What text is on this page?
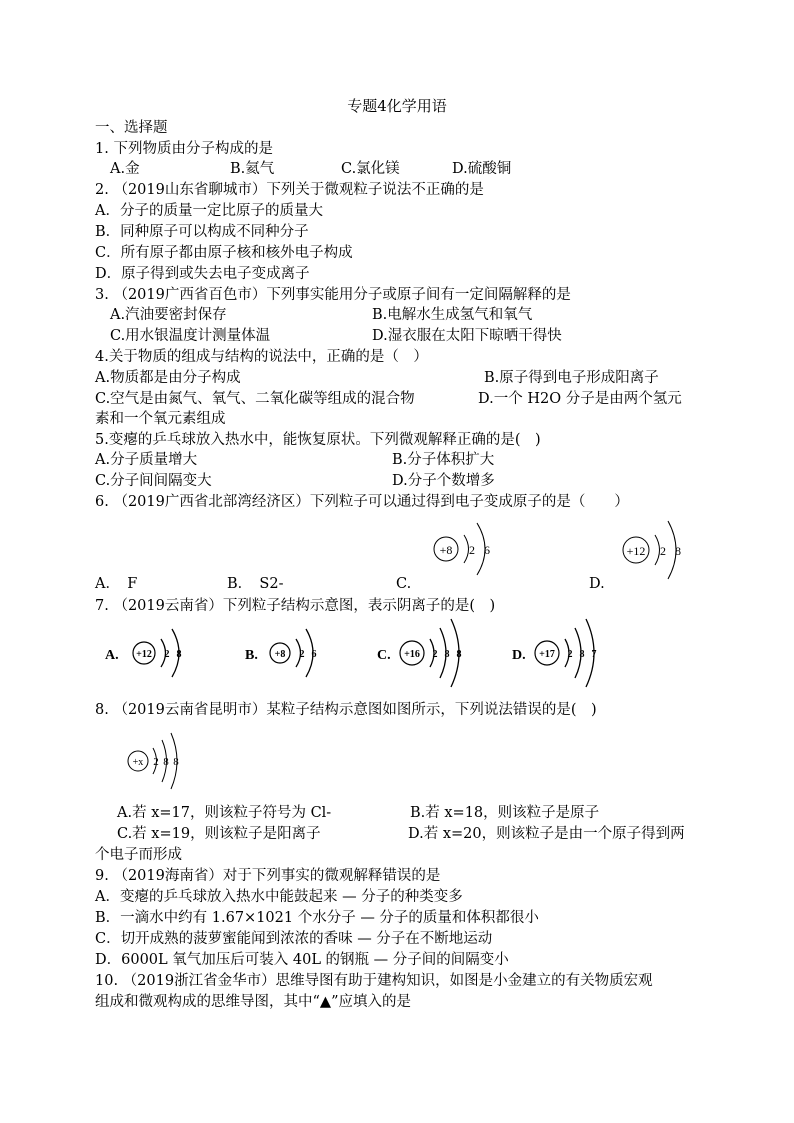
专题4化学用语
一、选择题
1. 下列物质由分子构成的是
A.金	B.氦气	C.氯化镁	D.硫酸铜
2. （2019山东省聊城市）下列关于微观粒子说法不正确的是
A．分子的质量一定比原子的质量大
B．同种原子可以构成不同种分子
C．所有原子都由原子核和核外电子构成
D．原子得到或失去电子变成离子
3. （2019广西省百色市）下列事实能用分子或原子间有一定间隔解释的是
A.汽油要密封保存	B.电解水生成氢气和氧气
C.用水银温度计测量体温	D.湿衣服在太阳下晾晒干得快
4.关于物质的组成与结构的说法中，正确的是（　）
A.物质都是由分子构成	B.原子得到电子形成阳离子
C.空气是由氮气、氧气、二氧化碳等组成的混合物	D.一个 H2O 分子是由两个氢元
素和一个氧元素组成
5.变瘪的乒乓球放入热水中，能恢复原状。下列微观解释正确的是(　)
A.分子质量增大	B.分子体积扩大
C.分子间间隔变大	D.分子个数增多
6. （2019广西省北部湾经济区）下列粒子可以通过得到电子变成原子的是（　　）
+8 2 6	+12 2 8
A．　F	B．　S2-	C.	D.
7. （2019云南省）下列粒子结构示意图，表示阴离子的是(　)
A. +12 2 8	B. +8 2 6	C. +16 2 8 8	D. +17 2 8 7
8. （2019云南省昆明市）某粒子结构示意图如图所示，下列说法错误的是(　)
+x 2 8 8
A.若 x=17，则该粒子符号为 Cl-	B.若 x=18，则该粒子是原子
C.若 x=19，则该粒子是阳离子	D.若 x=20，则该粒子是由一个原子得到两
个电子而形成
9. （2019海南省）对于下列事实的微观解释错误的是
A．变瘪的乒乓球放入热水中能鼓起来 — 分子的种类变多
B．一滴水中约有 1.67×1021 个水分子 — 分子的质量和体积都很小
C．切开成熟的菠萝蜜能闻到浓浓的香味 — 分子在不断地运动
D．6000L 氧气加压后可装入 40L 的钢瓶 — 分子间的间隔变小
10. （2019浙江省金华市）思维导图有助于建构知识，如图是小金建立的有关物质宏观
组成和微观构成的思维导图，其中“▲”应填入的是
